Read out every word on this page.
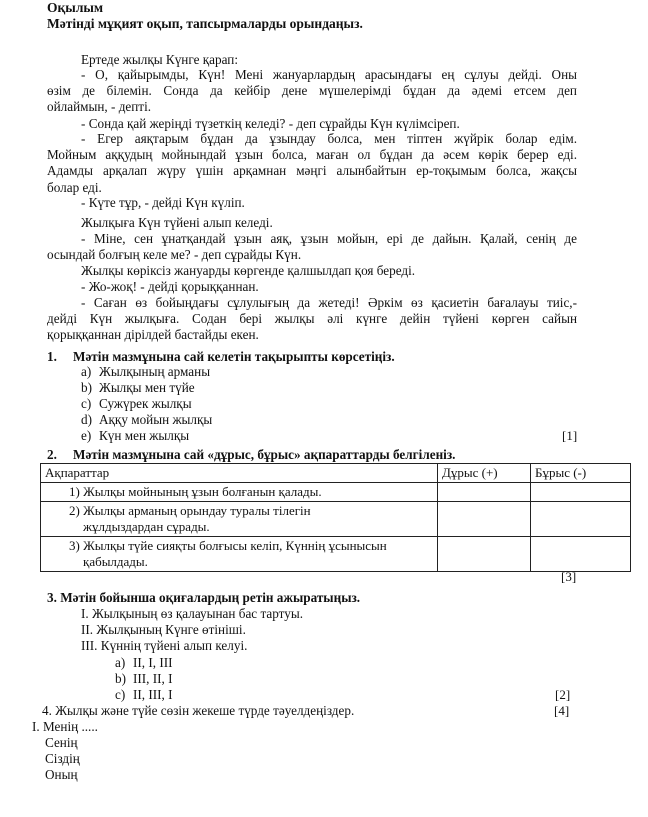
Оқылым
Мәтінді мұқият оқып, тапсырмаларды орындаңыз.
Ертеде жылқы Күнге қарап:
- О, қайырымды, Күн! Мені жануарлардың арасындағы ең сұлуы дейді. Оны
өзім де білемін. Сонда да кейбір дене мүшелерімді бұдан да әдемі етсем деп
ойлаймын, - депті.
- Сонда қай жеріңді түзеткің келеді? - деп сұрайды Күн күлімсіреп.
- Егер аяқтарым бұдан да ұзындау болса, мен тіптен жүйрік болар едім.
Мойным аққудың мойнындай ұзын болса, маған ол бұдан да әсем көрік берер еді.
Адамды арқалап жүру үшін арқамнан мәңгі алынбайтын ер-тоқымым болса, жақсы
болар еді.
- Күте тұр, - дейді Күн күліп.
Жылқыға Күн түйені алып келеді.
- Міне, сен ұнатқандай ұзын аяқ, ұзын мойын, ері де дайын. Қалай, сенің де
осындай болғың келе ме? - деп сұрайды Күн.
Жылқы көріксіз жануарды көргенде қалшылдап қоя береді.
- Жо-жоқ! - дейді қорыққаннан.
- Саған өз бойыңдағы сұлулығың да жетеді! Әркім өз қасиетін бағалауы тиіс,-
дейді Күн жылқыға. Содан бері жылқы әлі күнге дейін түйені көрген сайын
қорыққаннан дірілдей бастайды екен.
1. Мәтін мазмұнына сай келетін тақырыпты көрсетіңіз.
a) Жылқының арманы
b) Жылқы мен түйе
c) Сужүрек жылқы
d) Аққу мойын жылқы
e) Күн мен жылқы	[1]
2. Мәтін мазмұнына сай «дұрыс, бұрыс» ақпараттарды белгіленіз.
Ақпараттар	Дұрыс (+)	Бұрыс (-)

1) Жылқы мойнының ұзын болғанын қалады.		

2) Жылқы арманың орындау туралы тілегін
жұлдыздардан сұрады.		

3) Жылқы түйе сияқты болғысы келіп, Күннің ұсынысын
қабылдады.		

[3]
3. Мәтін бойынша оқиғалардың ретін ажыратыңыз.
I. Жылқының өз қалауынан бас тартуы.
II. Жылқының Күнге өтініші.
III. Күннің түйені алып келуі.
a) II, I, III
b) III, II, I
c) II, III, I	[2]
4. Жылқы және түйе сөзін жекеше түрде тәуелдеңіздер.	[4]
I. Менің .....
Сенің
Сіздің
Оның
